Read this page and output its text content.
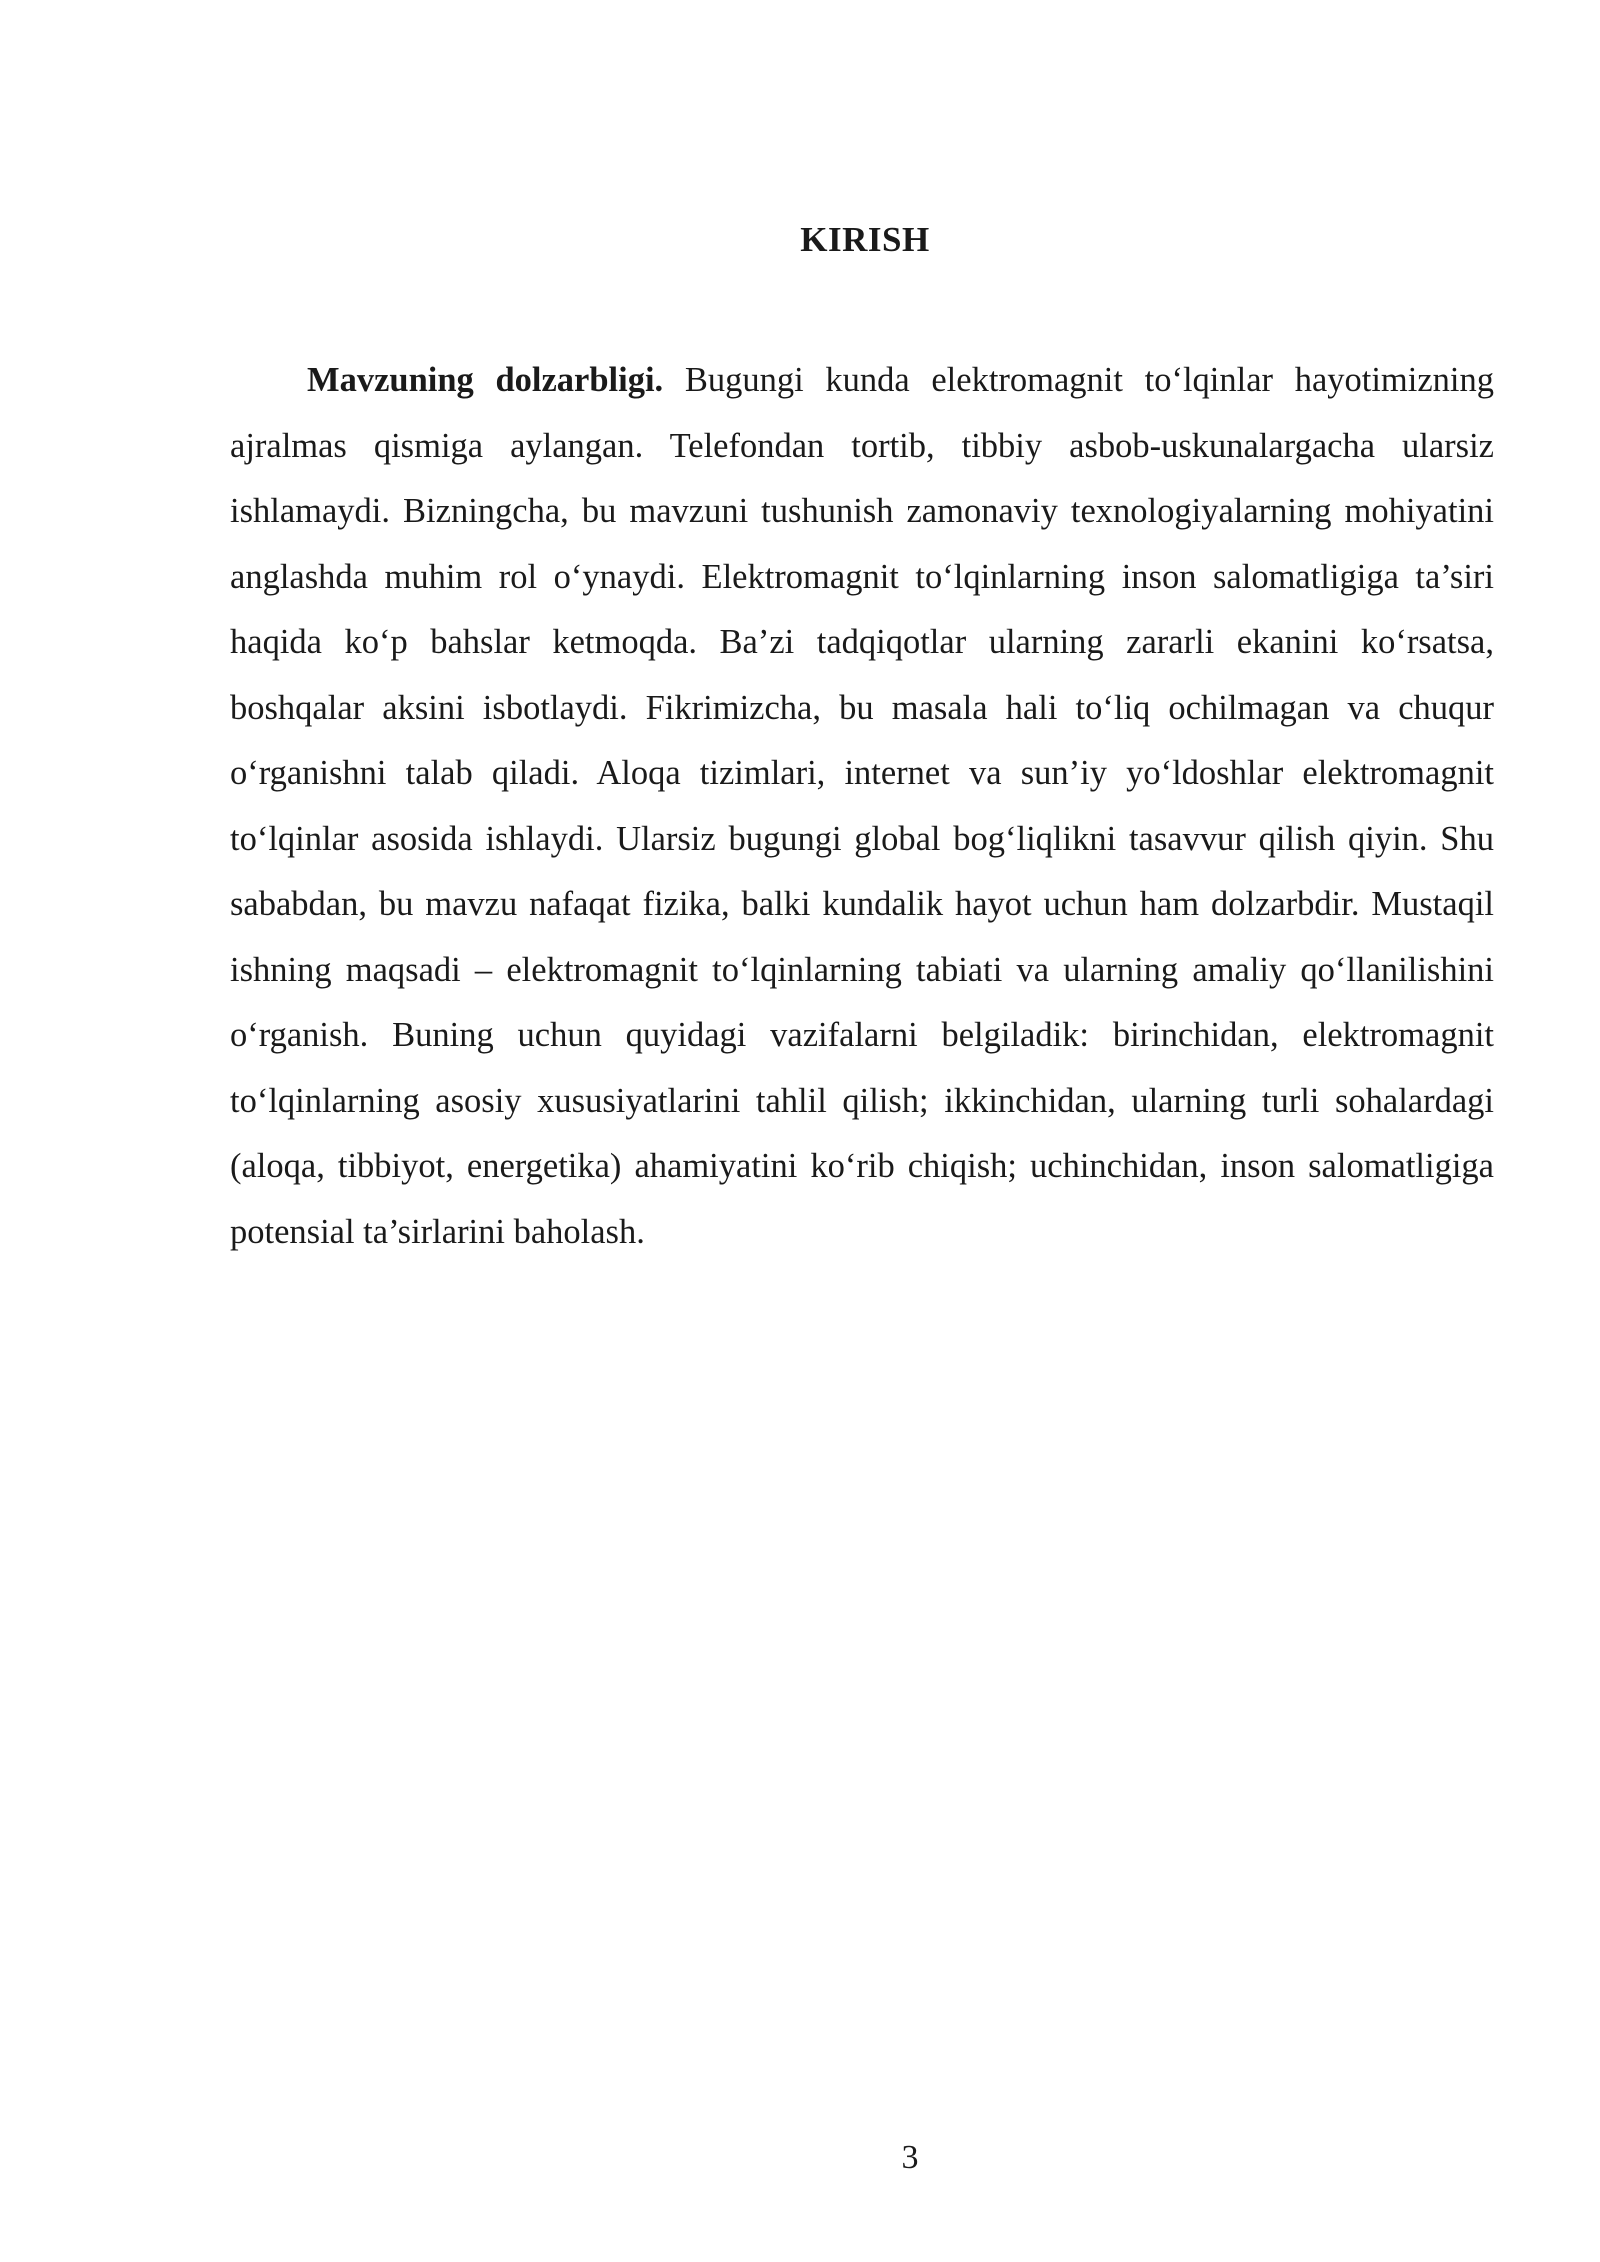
KIRISH

Mavzuning dolzarbligi. Bugungi kunda elektromagnit to‘lqinlar hayotimizning ajralmas qismiga aylangan. Telefondan tortib, tibbiy asbob-uskunalargacha ularsiz ishlamaydi. Bizningcha, bu mavzuni tushunish zamonaviy texnologiyalarning mohiyatini anglashda muhim rol o‘ynaydi. Elektromagnit to‘lqinlarning inson salomatligiga ta’siri haqida ko‘p bahslar ketmoqda. Ba’zi tadqiqotlar ularning zararli ekanini ko‘rsatsa, boshqalar aksini isbotlaydi. Fikrimizcha, bu masala hali to‘liq ochilmagan va chuqur o‘rganishni talab qiladi. Aloqa tizimlari, internet va sun’iy yo‘ldoshlar elektromagnit to‘lqinlar asosida ishlaydi. Ularsiz bugungi global bog‘liqlikni tasavvur qilish qiyin. Shu sababdan, bu mavzu nafaqat fizika, balki kundalik hayot uchun ham dolzarbdir. Mustaqil ishning maqsadi – elektromagnit to‘lqinlarning tabiati va ularning amaliy qo‘llanilishini o‘rganish. Buning uchun quyidagi vazifalarni belgiladik: birinchidan, elektromagnit to‘lqinlarning asosiy xususiyatlarini tahlil qilish; ikkinchidan, ularning turli sohalardagi (aloqa, tibbiyot, energetika) ahamiyatini ko‘rib chiqish; uchinchidan, inson salomatligiga potensial ta’sirlarini baholash.

3
